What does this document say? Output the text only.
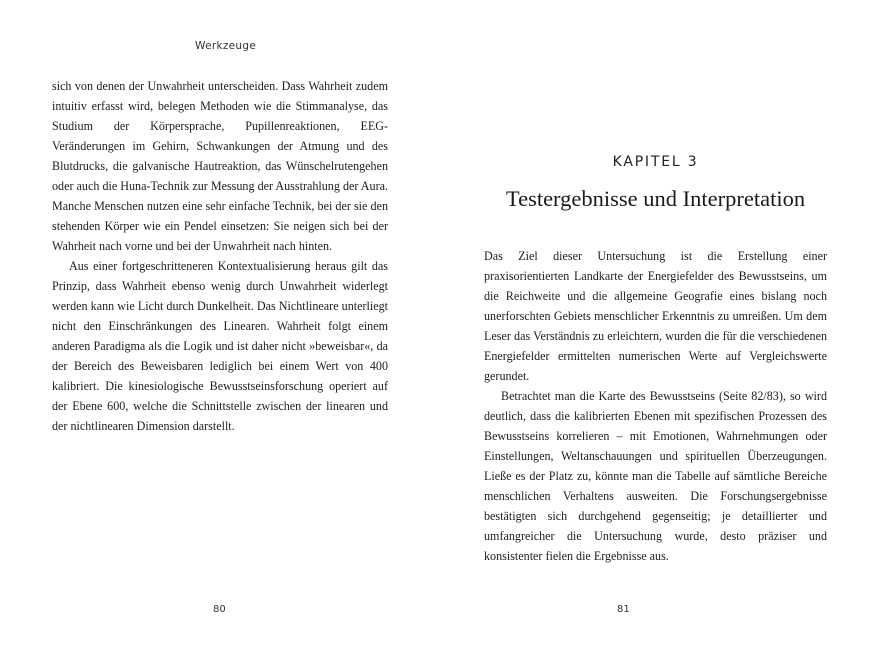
Werkzeuge

sich von denen der Unwahrheit unterscheiden. Dass Wahrheit zudem intuitiv erfasst wird, belegen Methoden wie die Stimmanalyse, das Studium der Körpersprache, Pupillenreaktionen, EEG-Veränderungen im Gehirn, Schwankungen der Atmung und des Blutdrucks, die galvanische Hautreaktion, das Wünschelrutengehen oder auch die Huna-Technik zur Messung der Ausstrahlung der Aura. Manche Menschen nutzen eine sehr einfache Technik, bei der sie den stehenden Körper wie ein Pendel einsetzen: Sie neigen sich bei der Wahrheit nach vorne und bei der Unwahrheit nach hinten.

Aus einer fortgeschritteneren Kontextualisierung heraus gilt das Prinzip, dass Wahrheit ebenso wenig durch Unwahrheit widerlegt werden kann wie Licht durch Dunkelheit. Das Nichtlineare unterliegt nicht den Einschränkungen des Linearen. Wahrheit folgt einem anderen Paradigma als die Logik und ist daher nicht »beweisbar«, da der Bereich des Beweisbaren lediglich bei einem Wert von 400 kalibriert. Die kinesiologische Bewusstseinsforschung operiert auf der Ebene 600, welche die Schnittstelle zwischen der linearen und der nichtlinearen Dimension darstellt.

80
KAPITEL 3
Testergebnisse und Interpretation

Das Ziel dieser Untersuchung ist die Erstellung einer praxisorientierten Landkarte der Energiefelder des Bewusstseins, um die Reichweite und die allgemeine Geografie eines bislang noch unerforschten Gebiets menschlicher Erkenntnis zu umreißen. Um dem Leser das Verständnis zu erleichtern, wurden die für die verschiedenen Energiefelder ermittelten numerischen Werte auf Vergleichswerte gerundet.

Betrachtet man die Karte des Bewusstseins (Seite 82/83), so wird deutlich, dass die kalibrierten Ebenen mit spezifischen Prozessen des Bewusstseins korrelieren – mit Emotionen, Wahrnehmungen oder Einstellungen, Weltanschauungen und spirituellen Überzeugungen. Ließe es der Platz zu, könnte man die Tabelle auf sämtliche Bereiche menschlichen Verhaltens ausweiten. Die Forschungsergebnisse bestätigten sich durchgehend gegenseitig; je detaillierter und umfangreicher die Untersuchung wurde, desto präziser und konsistenter fielen die Ergebnisse aus.

81
